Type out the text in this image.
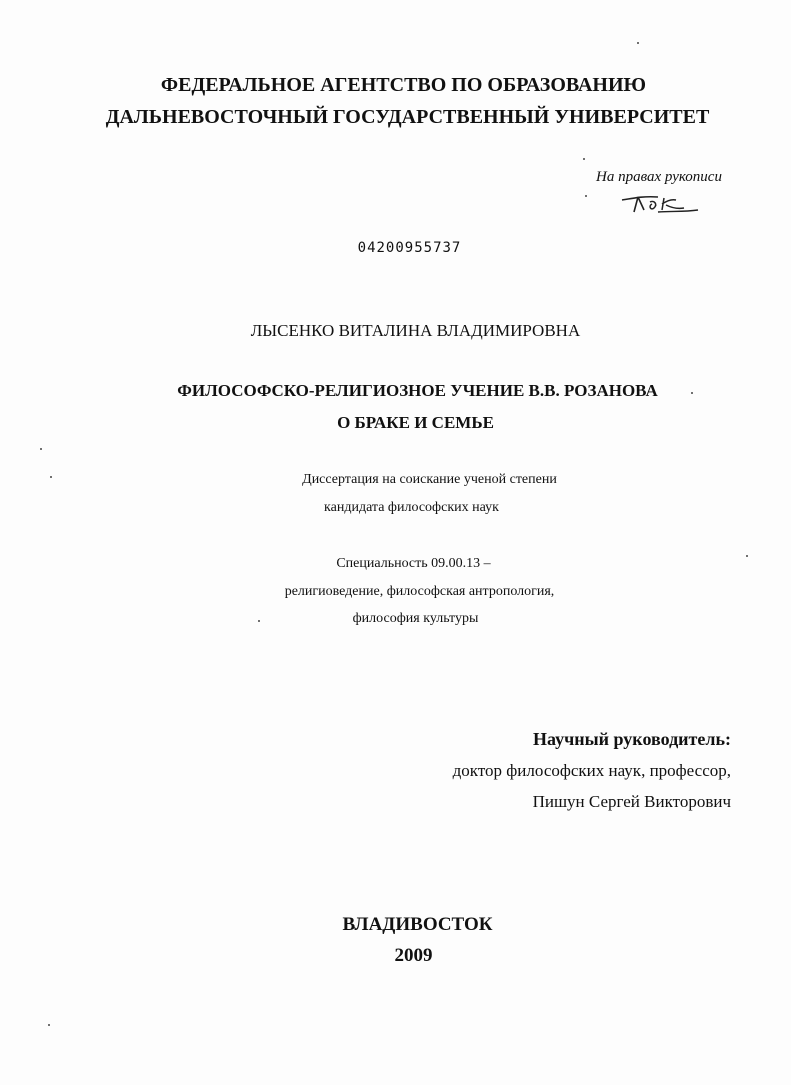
ФЕДЕРАЛЬНОЕ АГЕНТСТВО ПО ОБРАЗОВАНИЮ
ДАЛЬНЕВОСТОЧНЫЙ ГОСУДАРСТВЕННЫЙ УНИВЕРСИТЕТ
На правах рукописи
04200955737
ЛЫСЕНКО ВИТАЛИНА ВЛАДИМИРОВНА
ФИЛОСОФСКО-РЕЛИГИОЗНОЕ УЧЕНИЕ В.В. РОЗАНОВА
О БРАКЕ И СЕМЬЕ
Диссертация на соискание ученой степени
кандидата философских наук
Специальность 09.00.13 –
религиоведение, философская антропология,
философия культуры
Научный руководитель:
доктор философских наук, профессор,
Пишун Сергей Викторович
ВЛАДИВОСТОК
2009
